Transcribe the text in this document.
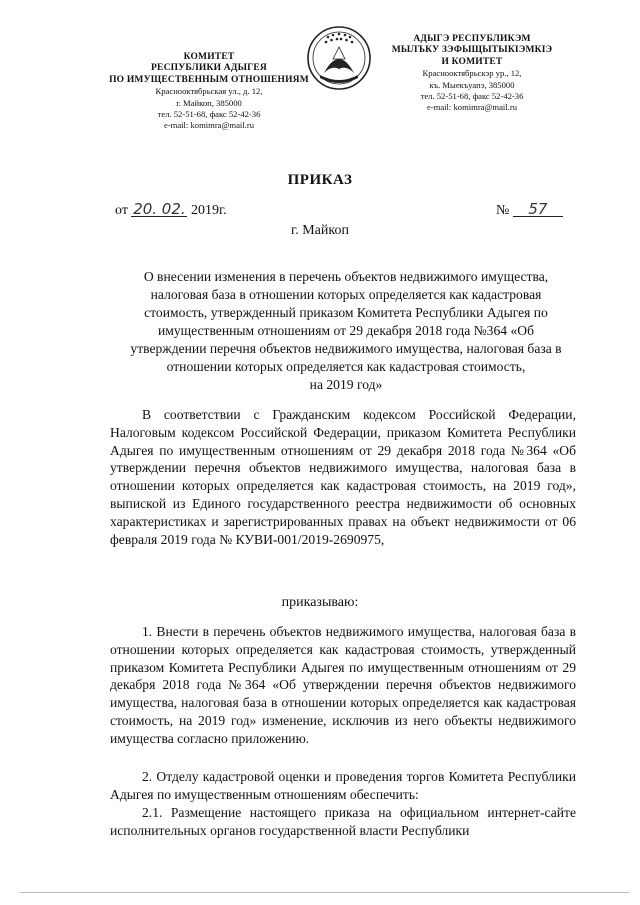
КОМИТЕТ
РЕСПУБЛИКИ АДЫГЕЯ
ПО ИМУЩЕСТВЕННЫМ ОТНОШЕНИЯМ
Краснооктябрьская ул., д. 12,
г. Майкоп, 385000
тел. 52-51-68, факс 52-42-36
e-mail: komimra@mail.ru
АДЫГЭ РЕСПУБЛИКЭМ
МЫЛЪКУ ЗЭФЫЩЫТЫКІЭМКІЭ
И КОМИТЕТ
Краснооктябрьскэр ур., 12,
къ. Мыекъуапэ, 385000
тел. 52-51-68, факс 52-42-36
e-mail: komimra@mail.ru
ПРИКАЗ
от 20. 02. 2019г.	№ 57
г. Майкоп
О внесении изменения в перечень объектов недвижимого имущества,
налоговая база в отношении которых определяется как кадастровая
стоимость, утвержденный приказом Комитета Республики Адыгея по
имущественным отношениям от 29 декабря 2018 года №364 «Об
утверждении перечня объектов недвижимого имущества, налоговая база в
отношении которых определяется как кадастровая стоимость,
на 2019 год»

В соответствии с Гражданским кодексом Российской Федерации, Налоговым кодексом Российской Федерации, приказом Комитета Республики Адыгея по имущественным отношениям от 29 декабря 2018 года №364 «Об утверждении перечня объектов недвижимого имущества, налоговая база в отношении которых определяется как кадастровая стоимость, на 2019 год», выпиской из Единого государственного реестра недвижимости об основных характеристиках и зарегистрированных правах на объект недвижимости от 06 февраля 2019 года № КУВИ-001/2019-2690975,

приказываю:

1. Внести в перечень объектов недвижимого имущества, налоговая база в отношении которых определяется как кадастровая стоимость, утвержденный приказом Комитета Республики Адыгея по имущественным отношениям от 29 декабря 2018 года №364 «Об утверждении перечня объектов недвижимого имущества, налоговая база в отношении которых определяется как кадастровая стоимость, на 2019 год» изменение, исключив из него объекты недвижимого имущества согласно приложению.

2. Отделу кадастровой оценки и проведения торгов Комитета Республики Адыгея по имущественным отношениям обеспечить:

2.1. Размещение настоящего приказа на официальном интернет-сайте исполнительных органов государственной власти Республики
